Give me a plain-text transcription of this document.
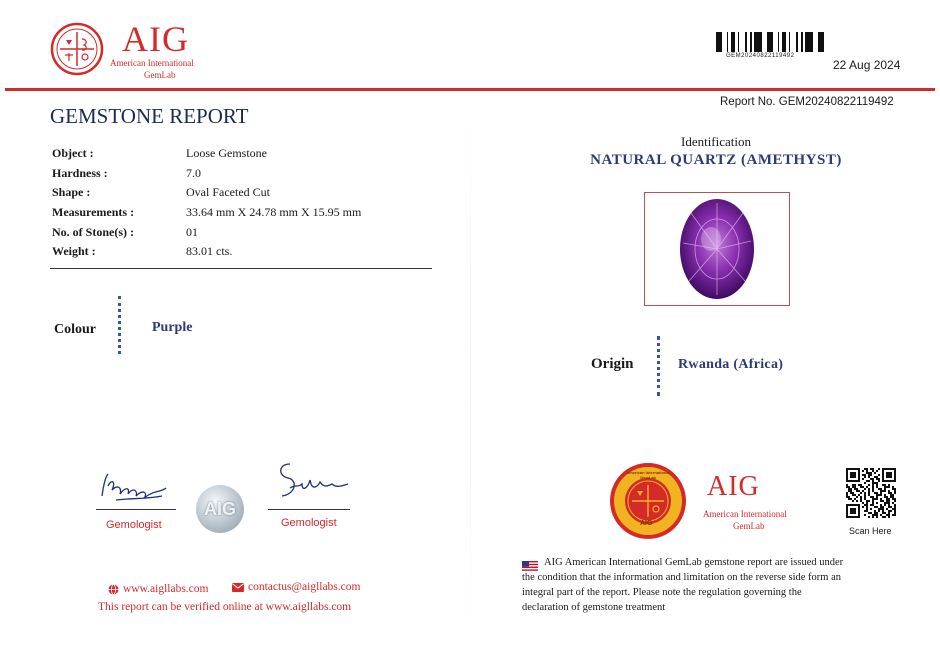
AIG
American International
GemLab
GEM20240822119492
22 Aug 2024
Report No. GEM20240822119492
GEMSTONE REPORT
Object :	Loose Gemstone
Hardness :	7.0
Shape :	Oval Faceted Cut
Measurements :	33.64 mm X 24.78 mm X 15.95 mm
No. of Stone(s) :	01
Weight :	83.01 cts.
Colour	Purple
Gemologist
AIG
Gemologist
www.aigllabs.com	contactus@aigllabs.com
This report can be verified online at www.aigllabs.com
Identification
NATURAL QUARTZ (AMETHYST)
Origin	Rwanda (Africa)
American International GemLab
AIG
AIG
American International
GemLab	Scan Here
AIG American International GemLab gemstone report are issued under
the condition that the information and limitation on the reverse side form an
integral part of the report. Please note the regulation governing the
declaration of gemstone treatment
